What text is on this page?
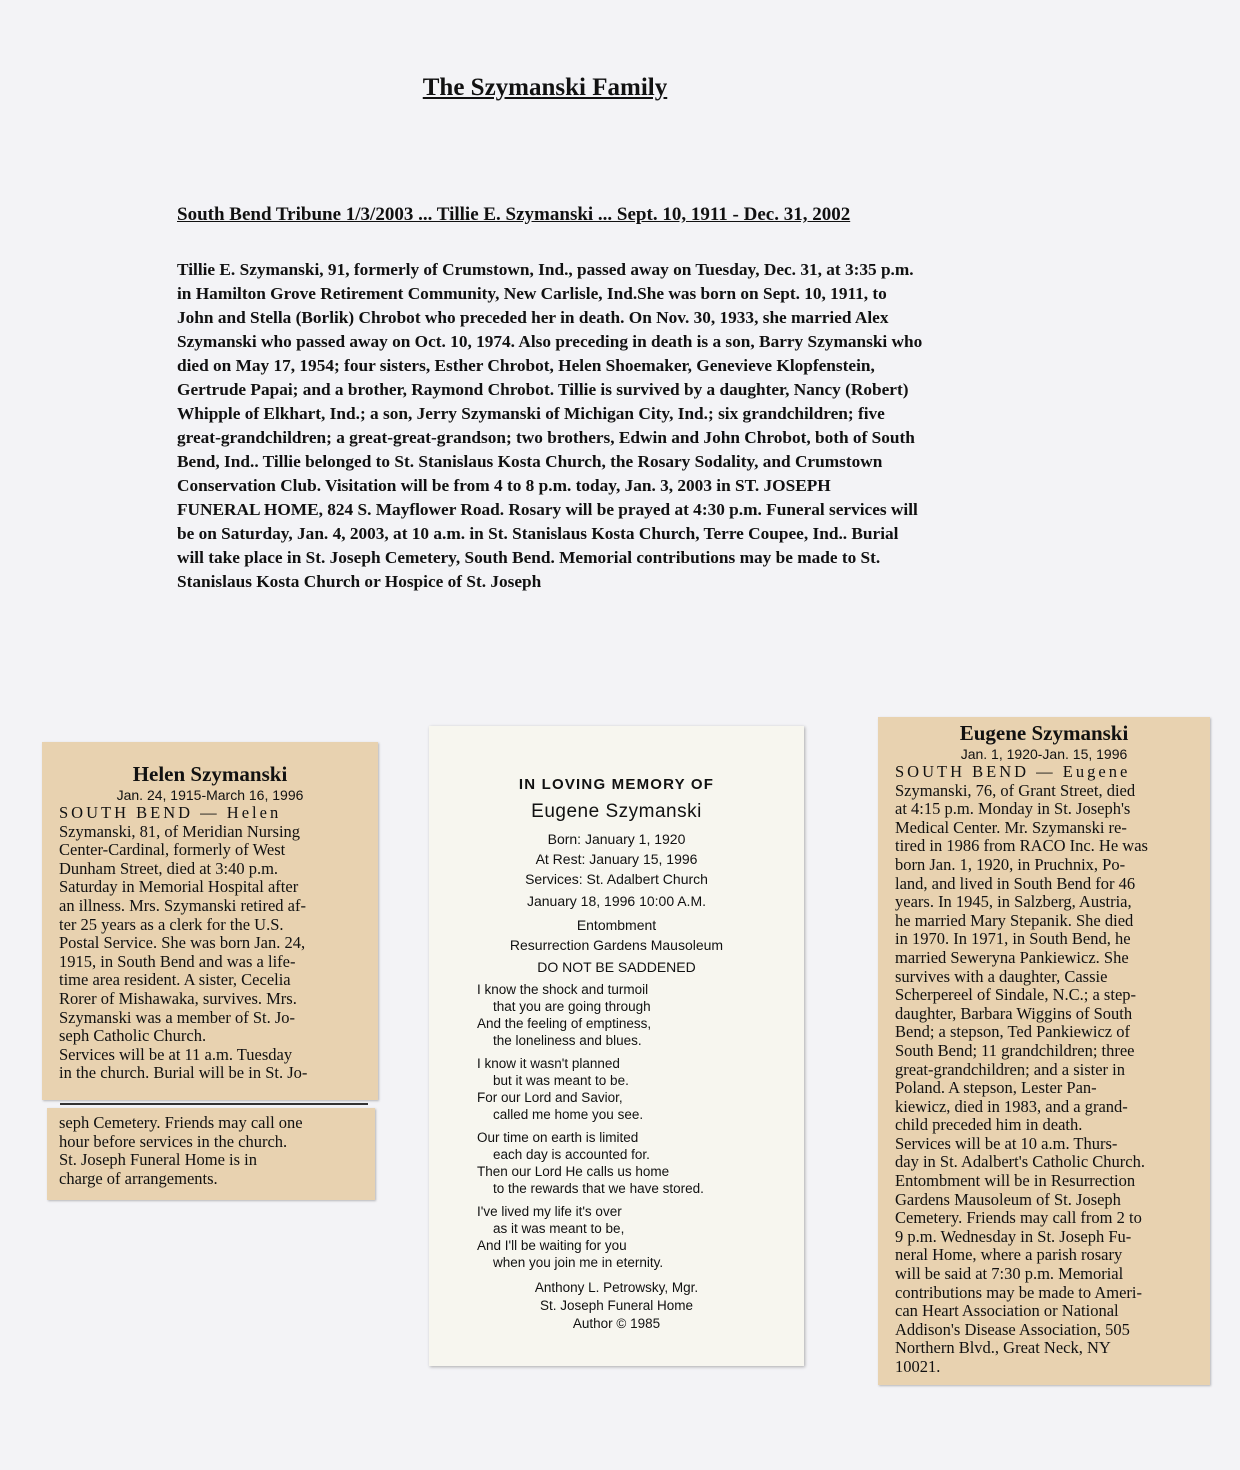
The Szymanski Family
South Bend Tribune 1/3/2003 ... Tillie E. Szymanski ... Sept. 10, 1911 - Dec. 31, 2002
Tillie E. Szymanski, 91, formerly of Crumstown, Ind., passed away on Tuesday, Dec. 31, at 3:35 p.m.
in Hamilton Grove Retirement Community, New Carlisle, Ind.She was born on Sept. 10, 1911, to
John and Stella (Borlik) Chrobot who preceded her in death. On Nov. 30, 1933, she married Alex
Szymanski who passed away on Oct. 10, 1974. Also preceding in death is a son, Barry Szymanski who
died on May 17, 1954; four sisters, Esther Chrobot, Helen Shoemaker, Genevieve Klopfenstein,
Gertrude Papai; and a brother, Raymond Chrobot. Tillie is survived by a daughter, Nancy (Robert)
Whipple of Elkhart, Ind.; a son, Jerry Szymanski of Michigan City, Ind.; six grandchildren; five
great-grandchildren; a great-great-grandson; two brothers, Edwin and John Chrobot, both of South
Bend, Ind.. Tillie belonged to St. Stanislaus Kosta Church, the Rosary Sodality, and Crumstown
Conservation Club. Visitation will be from 4 to 8 p.m. today, Jan. 3, 2003 in ST. JOSEPH
FUNERAL HOME, 824 S. Mayflower Road. Rosary will be prayed at 4:30 p.m. Funeral services will
be on Saturday, Jan. 4, 2003, at 10 a.m. in St. Stanislaus Kosta Church, Terre Coupee, Ind.. Burial
will take place in St. Joseph Cemetery, South Bend. Memorial contributions may be made to St.
Stanislaus Kosta Church or Hospice of St. Joseph
Helen Szymanski
Jan. 24, 1915-March 16, 1996
SOUTH BEND — Helen
Szymanski, 81, of Meridian Nursing
Center-Cardinal, formerly of West
Dunham Street, died at 3:40 p.m.
Saturday in Memorial Hospital after
an illness. Mrs. Szymanski retired af-
ter 25 years as a clerk for the U.S.
Postal Service. She was born Jan. 24,
1915, in South Bend and was a life-
time area resident. A sister, Cecelia
Rorer of Mishawaka, survives. Mrs.
Szymanski was a member of St. Jo-
seph Catholic Church.
Services will be at 11 a.m. Tuesday
in the church. Burial will be in St. Jo-
seph Cemetery. Friends may call one
hour before services in the church.
St. Joseph Funeral Home is in
charge of arrangements.
IN LOVING MEMORY OF
Eugene Szymanski
Born: January 1, 1920
At Rest: January 15, 1996
Services: St. Adalbert Church
January 18, 1996 10:00 A.M.
Entombment
Resurrection Gardens Mausoleum
DO NOT BE SADDENED
I know the shock and turmoil
that you are going through
And the feeling of emptiness,
the loneliness and blues.
I know it wasn't planned
but it was meant to be.
For our Lord and Savior,
called me home you see.
Our time on earth is limited
each day is accounted for.
Then our Lord He calls us home
to the rewards that we have stored.
I've lived my life it's over
as it was meant to be,
And I'll be waiting for you
when you join me in eternity.
Anthony L. Petrowsky, Mgr.
St. Joseph Funeral Home
Author © 1985
Eugene Szymanski
Jan. 1, 1920-Jan. 15, 1996
SOUTH BEND — Eugene
Szymanski, 76, of Grant Street, died
at 4:15 p.m. Monday in St. Joseph's
Medical Center. Mr. Szymanski re-
tired in 1986 from RACO Inc. He was
born Jan. 1, 1920, in Pruchnix, Po-
land, and lived in South Bend for 46
years. In 1945, in Salzberg, Austria,
he married Mary Stepanik. She died
in 1970. In 1971, in South Bend, he
married Seweryna Pankiewicz. She
survives with a daughter, Cassie
Scherpereel of Sindale, N.C.; a step-
daughter, Barbara Wiggins of South
Bend; a stepson, Ted Pankiewicz of
South Bend; 11 grandchildren; three
great-grandchildren; and a sister in
Poland. A stepson, Lester Pan-
kiewicz, died in 1983, and a grand-
child preceded him in death.
Services will be at 10 a.m. Thurs-
day in St. Adalbert's Catholic Church.
Entombment will be in Resurrection
Gardens Mausoleum of St. Joseph
Cemetery. Friends may call from 2 to
9 p.m. Wednesday in St. Joseph Fu-
neral Home, where a parish rosary
will be said at 7:30 p.m. Memorial
contributions may be made to Ameri-
can Heart Association or National
Addison's Disease Association, 505
Northern Blvd., Great Neck, NY
10021.
